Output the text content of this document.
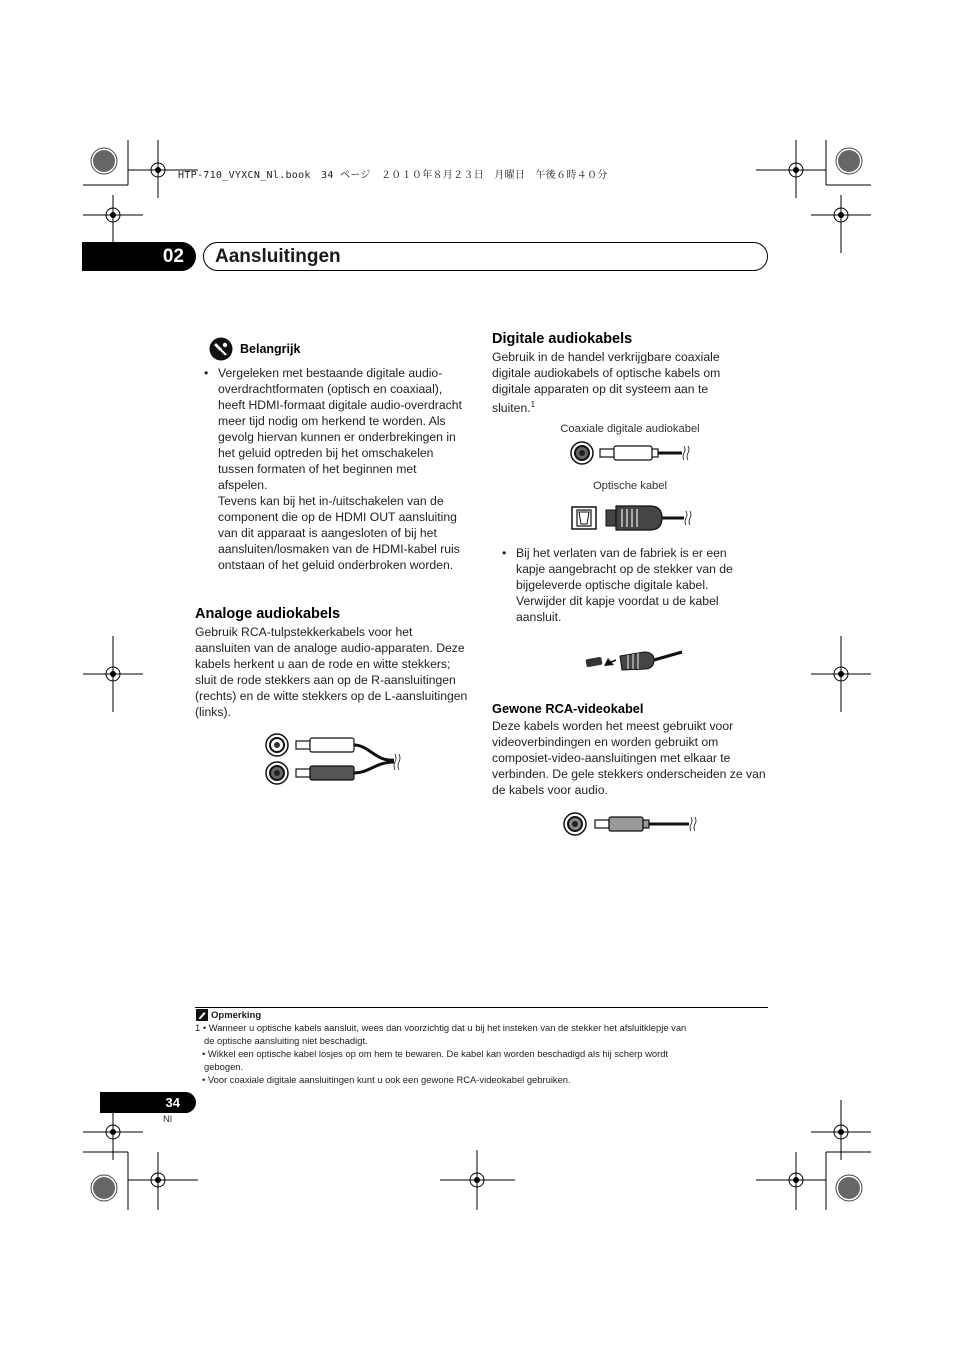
HTP-710_VYXCN_Nl.book　34 ページ　２０１０年８月２３日　月曜日　午後６時４０分
02	Aansluitingen
Belangrijk
• Vergeleken met bestaande digitale audio-overdrachtformaten (optisch en coaxiaal), heeft HDMI-formaat digitale audio-overdracht meer tijd nodig om herkend te worden. Als gevolg hiervan kunnen er onderbrekingen in het geluid optreden bij het omschakelen tussen formaten of het beginnen met afspelen.
Tevens kan bij het in-/uitschakelen van de component die op de HDMI OUT aansluiting van dit apparaat is aangesloten of bij het aansluiten/losmaken van de HDMI-kabel ruis ontstaan of het geluid onderbroken worden.
Analoge audiokabels
Gebruik RCA-tulpstekkerkabels voor het aansluiten van de analoge audio-apparaten. Deze kabels herkent u aan de rode en witte stekkers; sluit de rode stekkers aan op de R-aansluitingen (rechts) en de witte stekkers op de L-aansluitingen (links).
Digitale audiokabels
Gebruik in de handel verkrijgbare coaxiale digitale audiokabels of optische kabels om digitale apparaten op dit systeem aan te sluiten.$^1$
Coaxiale digitale audiokabel
Optische kabel
• Bij het verlaten van de fabriek is er een kapje aangebracht op de stekker van de bijgeleverde optische digitale kabel. Verwijder dit kapje voordat u de kabel aansluit.
Gewone RCA-videokabel
Deze kabels worden het meest gebruikt voor videoverbindingen en worden gebruikt om composiet-video-aansluitingen met elkaar te verbinden. De gele stekkers onderscheiden ze van de kabels voor audio.
Opmerking
1 • Wanneer u optische kabels aansluit, wees dan voorzichtig dat u bij het insteken van de stekker het afsluitklepje van
de optische aansluiting niet beschadigt.
• Wikkel een optische kabel losjes op om hem te bewaren. De kabel kan worden beschadigd als hij scherp wordt
gebogen.
• Voor coaxiale digitale aansluitingen kunt u ook een gewone RCA-videokabel gebruiken.
34
Nl
